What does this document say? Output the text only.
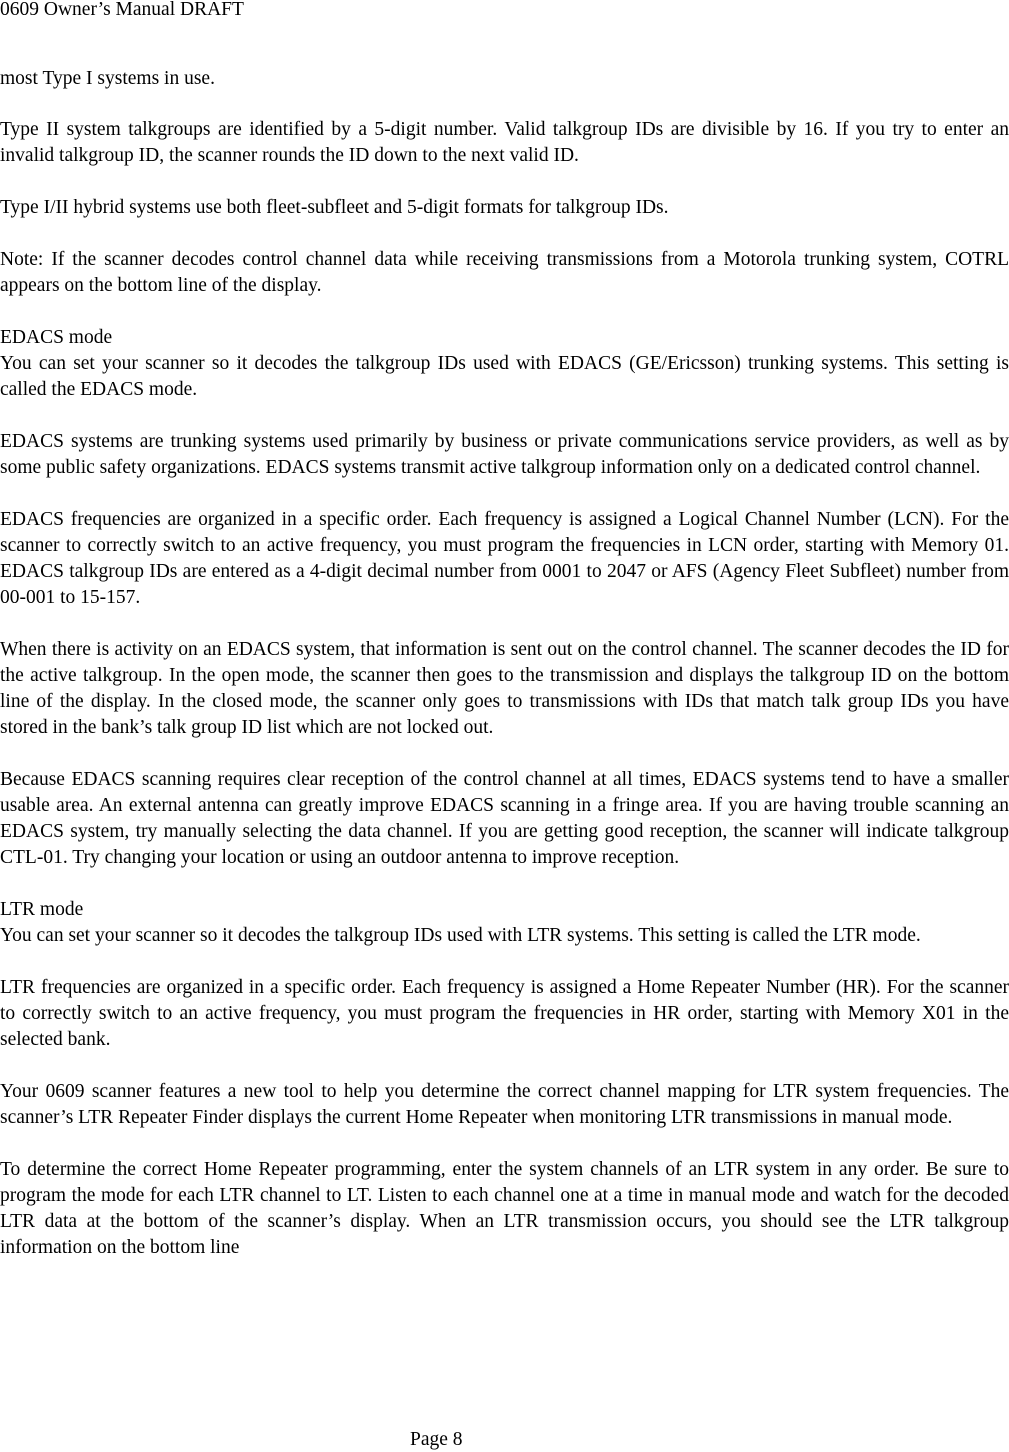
0609 Owner’s Manual DRAFT

most Type I systems in use.

Type II system talkgroups are identified by a 5-digit number. Valid talkgroup IDs are divisible by 16. If you try to enter an invalid talkgroup ID, the scanner rounds the ID down to the next valid ID.

Type I/II hybrid systems use both fleet-subfleet and 5-digit formats for talkgroup IDs.

Note: If the scanner decodes control channel data while receiving transmissions from a Motorola trunking system, COTRL appears on the bottom line of the display.

EDACS mode

You can set your scanner so it decodes the talkgroup IDs used with EDACS (GE/Ericsson) trunking systems. This setting is called the EDACS mode.

EDACS systems are trunking systems used primarily by business or private communications service providers, as well as by some public safety organizations. EDACS systems transmit active talkgroup information only on a dedicated control channel.

EDACS frequencies are organized in a specific order. Each frequency is assigned a Logical Channel Number (LCN). For the scanner to correctly switch to an active frequency, you must program the frequencies in LCN order, starting with Memory 01. EDACS talkgroup IDs are entered as a 4-digit decimal number from 0001 to 2047 or AFS (Agency Fleet Subfleet) number from 00-001 to 15-157.

When there is activity on an EDACS system, that information is sent out on the control channel. The scanner decodes the ID for the active talkgroup. In the open mode, the scanner then goes to the transmission and displays the talkgroup ID on the bottom line of the display. In the closed mode, the scanner only goes to transmissions with IDs that match talk group IDs you have stored in the bank’s talk group ID list which are not locked out.

Because EDACS scanning requires clear reception of the control channel at all times, EDACS systems tend to have a smaller usable area. An external antenna can greatly improve EDACS scanning in a fringe area. If you are having trouble scanning an EDACS system, try manually selecting the data channel. If you are getting good reception, the scanner will indicate talkgroup CTL-01. Try changing your location or using an outdoor antenna to improve reception.

LTR mode

You can set your scanner so it decodes the talkgroup IDs used with LTR systems. This setting is called the LTR mode.

LTR frequencies are organized in a specific order. Each frequency is assigned a Home Repeater Number (HR). For the scanner to correctly switch to an active frequency, you must program the frequencies in HR order, starting with Memory X01 in the selected bank.

Your 0609 scanner features a new tool to help you determine the correct channel mapping for LTR system frequencies. The scanner’s LTR Repeater Finder displays the current Home Repeater when monitoring LTR transmissions in manual mode.

To determine the correct Home Repeater programming, enter the system channels of an LTR system in any order. Be sure to program the mode for each LTR channel to LT. Listen to each channel one at a time in manual mode and watch for the decoded LTR data at the bottom of the scanner’s display. When an LTR transmission occurs, you should see the LTR talkgroup information on the bottom line

Page 8
